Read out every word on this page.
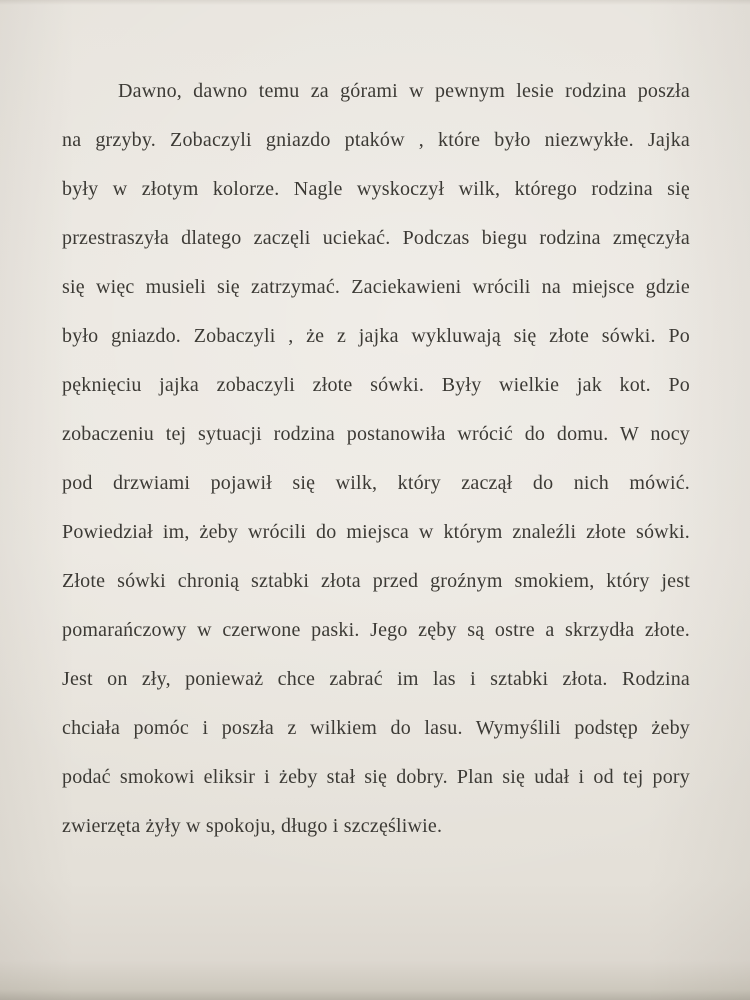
Dawno, dawno temu za górami w pewnym lesie rodzina poszła
na grzyby. Zobaczyli gniazdo ptaków , które było niezwykłe. Jajka
były w złotym kolorze. Nagle wyskoczył wilk, którego rodzina się
przestraszyła dlatego zaczęli uciekać. Podczas biegu rodzina zmęczyła
się więc musieli się zatrzymać. Zaciekawieni wrócili na miejsce gdzie
było gniazdo. Zobaczyli , że z jajka wykluwają się złote sówki. Po
pęknięciu jajka zobaczyli złote sówki. Były wielkie jak kot. Po
zobaczeniu tej sytuacji rodzina postanowiła wrócić do domu. W nocy
pod drzwiami pojawił się wilk, który zaczął do nich mówić.
Powiedział im, żeby wrócili do miejsca w którym znaleźli złote sówki.
Złote sówki chronią sztabki złota przed groźnym smokiem, który jest
pomarańczowy w czerwone paski. Jego zęby są ostre a skrzydła złote.
Jest on zły, ponieważ chce zabrać im las i sztabki złota. Rodzina
chciała pomóc i poszła z wilkiem do lasu. Wymyślili podstęp żeby
podać smokowi eliksir i żeby stał się dobry. Plan się udał i od tej pory
zwierzęta żyły w spokoju, długo i szczęśliwie.
